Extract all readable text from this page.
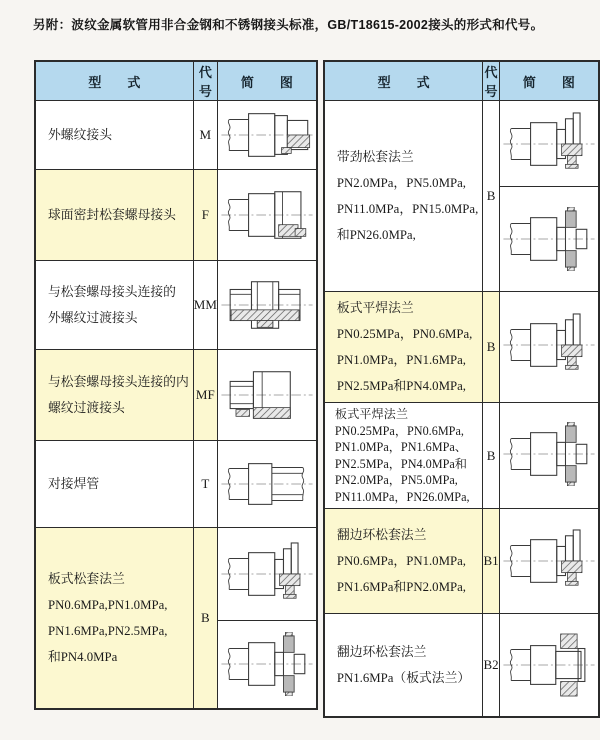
另附：波纹金属软管用非合金钢和不锈钢接头标准，GB/T18615-2002接头的形式和代号。
型　　式	代号	简　　图

外螺纹接头	M	

球面密封松套螺母接头	F	

与松套螺母接头连接的
外螺纹过渡接头	MM	

与松套螺母接头连接的内
螺纹过渡接头	MF	

对接焊管	T	

板式松套法兰
PN0.6MPa,PN1.0MPa,
PN1.6MPa,PN2.5MPa,
和PN4.0MPa	B	
型　　式	代号	简　　图

带劲松套法兰
PN2.0MPa，PN5.0MPa,
PN11.0MPa，PN15.0MPa,
和PN26.0MPa,	B	

板式平焊法兰
PN0.25MPa，PN0.6MPa,
PN1.0MPa，PN1.6MPa,
PN2.5MPa和PN4.0MPa,	B	

板式平焊法兰
PN0.25MPa，PN0.6MPa,
PN1.0MPa，PN1.6MPa、
PN2.5MPa，PN4.0MPa和
PN2.0MPa，PN5.0MPa,
PN11.0MPa，PN26.0MPa,
	B	

翻边环松套法兰
PN0.6MPa，PN1.0MPa,
PN1.6MPa和PN2.0MPa,	B1	

翻边环松套法兰
PN1.6MPa（板式法兰）	B2	
